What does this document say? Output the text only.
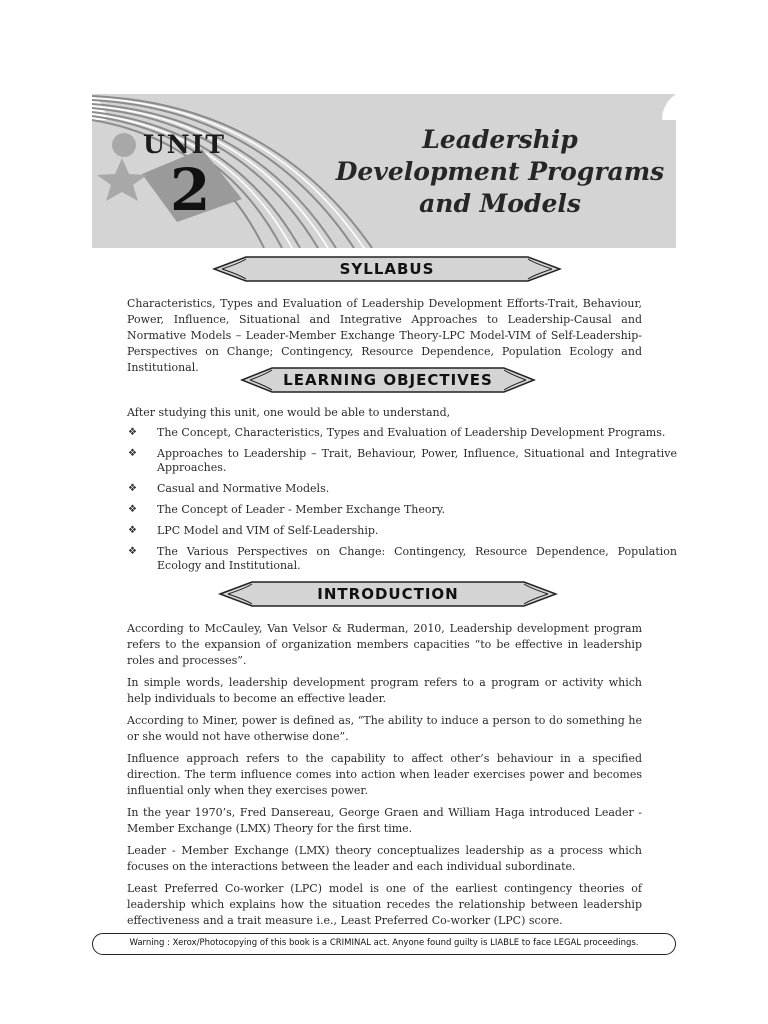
UNIT
2
Leadership
Development Programs
and Models
SYLLABUS

Characteristics, Types and Evaluation of Leadership Development Efforts-Trait, Behaviour, Power, Influence, Situational and Integrative Approaches to Leadership-Causal and Normative Models – Leader-Member Exchange Theory-LPC Model-VIM of Self-Leadership-Perspectives on Change; Contingency, Resource Dependence, Population Ecology and Institutional.

LEARNING OBJECTIVES

After studying this unit, one would be able to understand,

❖ The Concept, Characteristics, Types and Evaluation of Leadership Development Programs.
❖ Approaches to Leadership – Trait, Behaviour, Power, Influence, Situational and Integrative Approaches.
❖ Casual and Normative Models.
❖ The Concept of Leader - Member Exchange Theory.
❖ LPC Model and VIM of Self-Leadership.
❖ The Various Perspectives on Change: Contingency, Resource Dependence, Population Ecology and Institutional.
INTRODUCTION

According to McCauley, Van Velsor & Ruderman, 2010, Leadership development program refers to the expansion of organization members capacities “to be effective in leadership roles and processes”.

In simple words, leadership development program refers to a program or activity which help individuals to become an effective leader.

According to Miner, power is defined as, “The ability to induce a person to do something he or she would not have otherwise done”.

Influence approach refers to the capability to affect other’s behaviour in a specified direction. The term influence comes into action when leader exercises power and becomes influential only when they exercises power.

In the year 1970’s, Fred Dansereau, George Graen and William Haga introduced Leader - Member Exchange (LMX) Theory for the first time.

Leader - Member Exchange (LMX) theory conceptualizes leadership as a process which focuses on the interactions between the leader and each individual subordinate.

Least Preferred Co-worker (LPC) model is one of the earliest contingency theories of leadership which explains how the situation recedes the relationship between leadership effectiveness and a trait measure i.e., Least Preferred Co-worker (LPC) score.

Warning : Xerox/Photocopying of this book is a CRIMINAL act. Anyone found guilty is LIABLE to face LEGAL proceedings.
